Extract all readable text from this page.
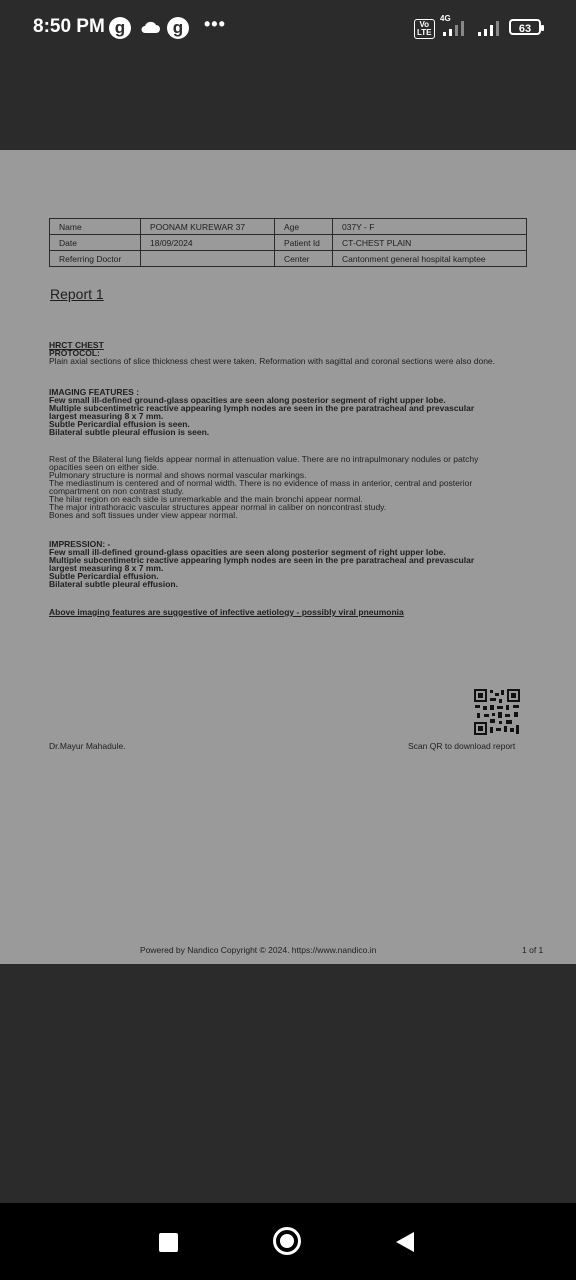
8:50 PM g	g	•••	Vo
LTE
4G
63
Name	POONAM KUREWAR 37	Age	037Y - F
Date	18/09/2024	Patient Id	CT-CHEST PLAIN
Referring Doctor		Center	Cantonment general hospital kamptee
Report 1
HRCT CHEST
PROTOCOL:
Plain axial sections of slice thickness chest were taken. Reformation with sagittal and coronal sections were also done.
IMAGING FEATURES :
Few small ill-defined ground-glass opacities are seen along posterior segment of right upper lobe.
Multiple subcentimetric reactive appearing lymph nodes are seen in the pre paratracheal and prevascular largest measuring 8 x 7 mm.
Subtle Pericardial effusion is seen.
Bilateral subtle pleural effusion is seen.
Rest of the Bilateral lung fields appear normal in attenuation value. There are no intrapulmonary nodules or patchy opacities seen on either side.
Pulmonary structure is normal and shows normal vascular markings.
The mediastinum is centered and of normal width. There is no evidence of mass in anterior, central and posterior compartment on non contrast study.
The hilar region on each side is unremarkable and the main bronchi appear normal.
The major intrathoracic vascular structures appear normal in caliber on noncontrast study.
Bones and soft tissues under view appear normal.
IMPRESSION: -
Few small ill-defined ground-glass opacities are seen along posterior segment of right upper lobe.
Multiple subcentimetric reactive appearing lymph nodes are seen in the pre paratracheal and prevascular largest measuring 8 x 7 mm.
Subtle Pericardial effusion.
Bilateral subtle pleural effusion.
Above imaging features are suggestive of infective aetiology - possibly viral pneumonia
Dr.Mayur Mahadule.	Scan QR to download report
Powered by Nandico Copyright © 2024. https://www.nandico.in	1 of 1
